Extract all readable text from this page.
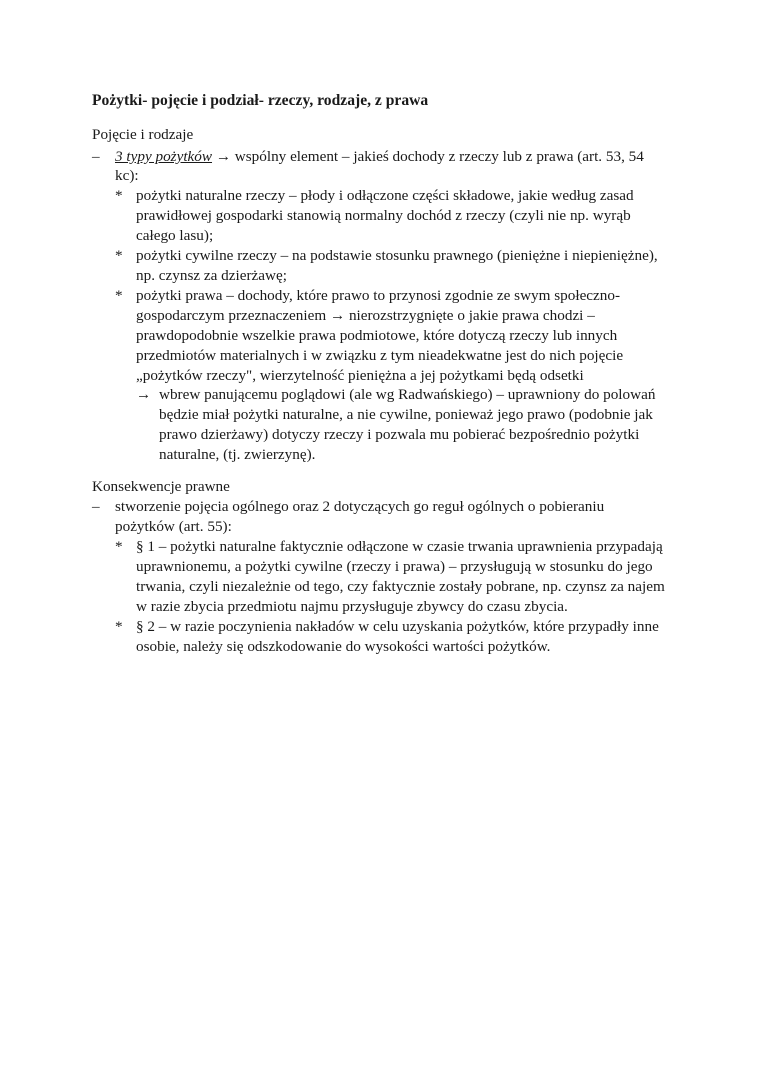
Pożytki- pojęcie i podział- rzeczy, rodzaje, z prawa
Pojęcie i rodzaje
– 3 typy pożytków → wspólny element – jakieś dochody z rzeczy lub z prawa (art. 53, 54
kc):
* pożytki naturalne rzeczy – płody i odłączone części składowe, jakie według zasad
prawidłowej gospodarki stanowią normalny dochód z rzeczy (czyli nie np. wyrąb
całego lasu);
* pożytki cywilne rzeczy – na podstawie stosunku prawnego (pieniężne i niepieniężne),
np. czynsz za dzierżawę;
* pożytki prawa – dochody, które prawo to przynosi zgodnie ze swym społeczno-
gospodarczym przeznaczeniem → nierozstrzygnięte o jakie prawa chodzi –
prawdopodobnie wszelkie prawa podmiotowe, które dotyczą rzeczy lub innych
przedmiotów materialnych i w związku z tym nieadekwatne jest do nich pojęcie
„pożytków rzeczy", wierzytelność pieniężna a jej pożytkami będą odsetki
→ wbrew panującemu poglądowi (ale wg Radwańskiego) – uprawniony do polowań
będzie miał pożytki naturalne, a nie cywilne, ponieważ jego prawo (podobnie jak
prawo dzierżawy) dotyczy rzeczy i pozwala mu pobierać bezpośrednio pożytki
naturalne, (tj. zwierzynę).
Konsekwencje prawne
– stworzenie pojęcia ogólnego oraz 2 dotyczących go reguł ogólnych o pobieraniu
pożytków (art. 55):
* § 1 – pożytki naturalne faktycznie odłączone w czasie trwania uprawnienia przypadają
uprawnionemu, a pożytki cywilne (rzeczy i prawa) – przysługują w stosunku do jego
trwania, czyli niezależnie od tego, czy faktycznie zostały pobrane, np. czynsz za najem
w razie zbycia przedmiotu najmu przysługuje zbywcy do czasu zbycia.
* § 2 – w razie poczynienia nakładów w celu uzyskania pożytków, które przypadły inne
osobie, należy się odszkodowanie do wysokości wartości pożytków.
